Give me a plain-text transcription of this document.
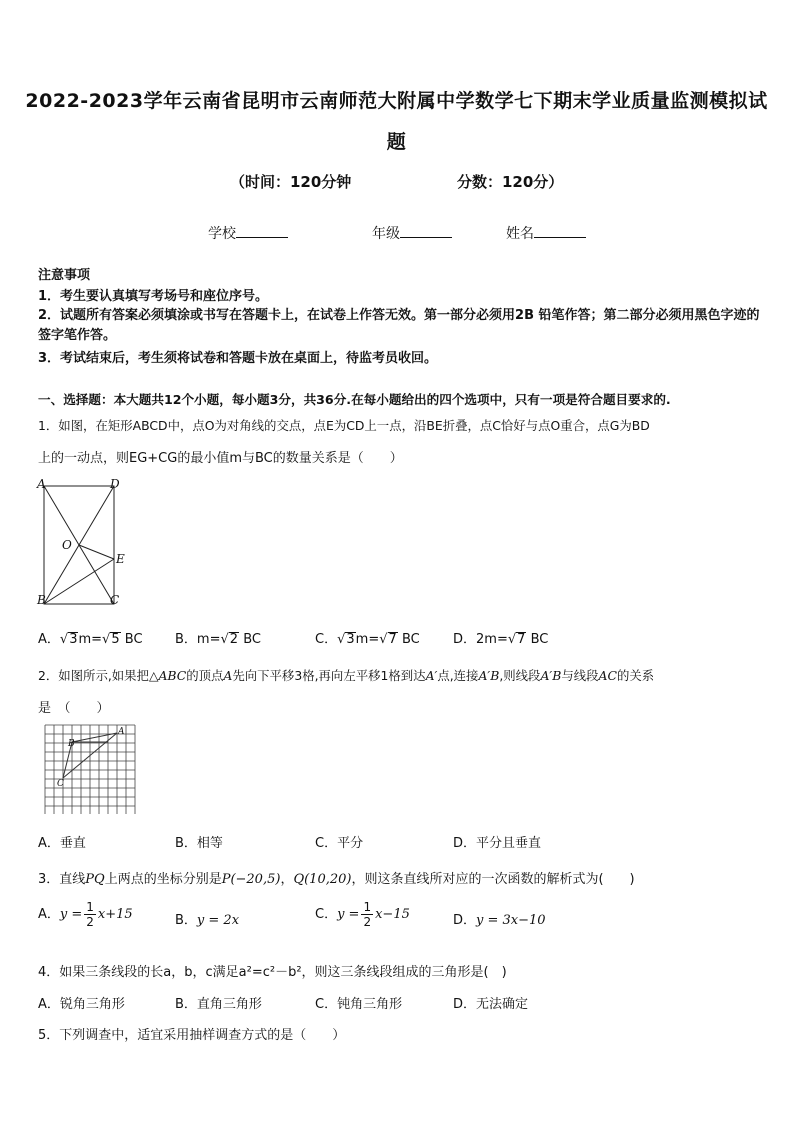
2022-2023学年云南省昆明市云南师范大附属中学数学七下期末学业质量监测模拟试
题
（时间：120分钟	分数：120分）
学校	年级	姓名
注意事项
1．考生要认真填写考场号和座位序号。
2．试题所有答案必须填涂或书写在答题卡上，在试卷上作答无效。第一部分必须用2B 铅笔作答；第二部分必须用黑色字迹的签字笔作答。
3．考试结束后，考生须将试卷和答题卡放在桌面上，待监考员收回。
一、选择题：本大题共12个小题，每小题3分，共36分.在每小题给出的四个选项中，只有一项是符合题目要求的.
1．如图，在矩形ABCD中，点O为对角线的交点，点E为CD上一点，沿BE折叠，点C恰好与点O重合，点G为BD
上的一动点，则EG+CG的最小值m与BC的数量关系是（　　）
A	D
O
E
B	C
A．√3m=√5 BC B．m=√2 BC	C．√3m=√7 BC	D．2m=√7 BC
2．如图所示,如果把△ABC的顶点A先向下平移3格,再向左平移1格到达A′点,连接A′B,则线段A′B与线段AC的关系
是　（　　）
A
B
C
A．垂直	B．相等	C．平分	D．平分且垂直
3．直线PQ上两点的坐标分别是P(−20,5)，Q(10,20)，则这条直线所对应的一次函数的解析式为(　　)
A．$y = \frac{1}{2} x+15$	B．y = 2x	C．$y = \frac{1}{2} x-15$	D．y = 3x−10
4．如果三条线段的长a，b，c满足a²=c²－b²，则这三条线段组成的三角形是(　)
A．锐角三角形	B．直角三角形	C．钝角三角形	D．无法确定
5．下列调查中，适宜采用抽样调查方式的是（　　）
